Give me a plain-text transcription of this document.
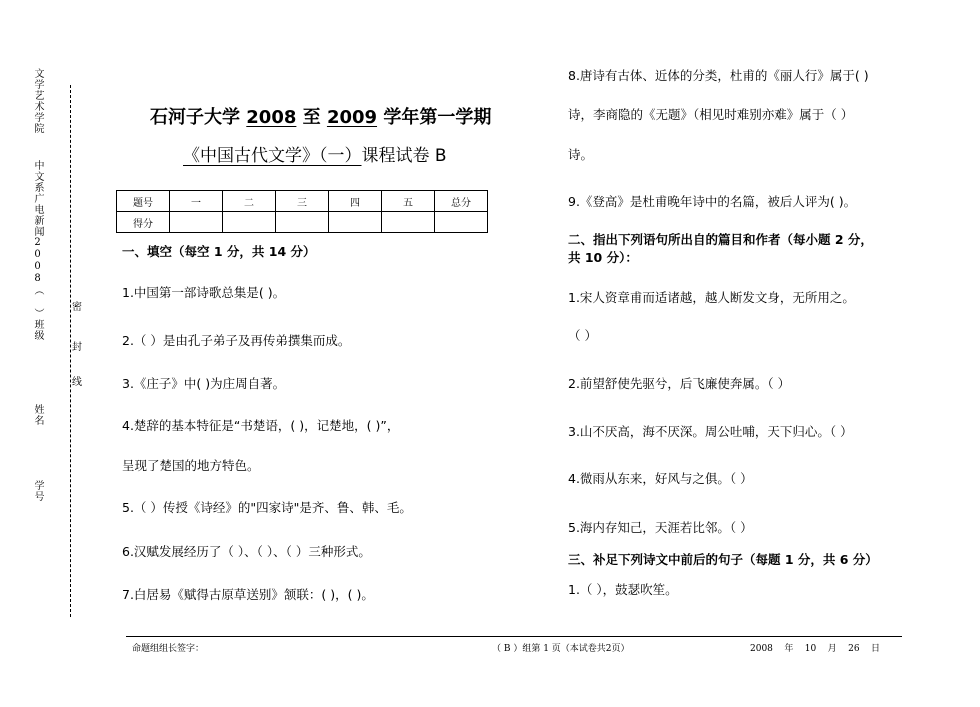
文学艺术学院
中文系广电新闻2008（ ）班级
姓名
学号
密
封
线
石河子大学 2008 至 2009 学年第一学期
《中国古代文学》（一）课程试卷 B
题号	一	二	三	四	五	总分
得分						
一、填空（每空 1 分，共 14 分）
1.中国第一部诗歌总集是( )。
2.（ ）是由孔子弟子及再传弟撰集而成。
3.《庄子》中( )为庄周自著。
4.楚辞的基本特征是“书楚语，( )，记楚地，( )”，
呈现了楚国的地方特色。
5.（ ）传授《诗经》的"四家诗"是齐、鲁、韩、毛。
6.汉赋发展经历了（ ）、（ ）、（ ）三种形式。
7.白居易《赋得古原草送别》颔联：( )，( )。
8.唐诗有古体、近体的分类，杜甫的《丽人行》属于( )
诗，李商隐的《无题》（相见时难别亦难》属于（ ）
诗。
9.《登高》是杜甫晚年诗中的名篇，被后人评为( )。
二、指出下列语句所出自的篇目和作者（每小题 2 分，
共 10 分）：
1.宋人资章甫而适诸越，越人断发文身，无所用之。
（ ）
2.前望舒使先驱兮，后飞廉使奔属。（ ）
3.山不厌高，海不厌深。周公吐哺，天下归心。（ ）
4.微雨从东来，好风与之俱。（ ）
5.海内存知己，天涯若比邻。（ ）
三、补足下列诗文中前后的句子（每题 1 分，共 6 分）
1.（ ），鼓瑟吹笙。
命题组组长签字：	（ B ）组第 1 页（本试卷共2页）	2008    年    10    月    26    日
